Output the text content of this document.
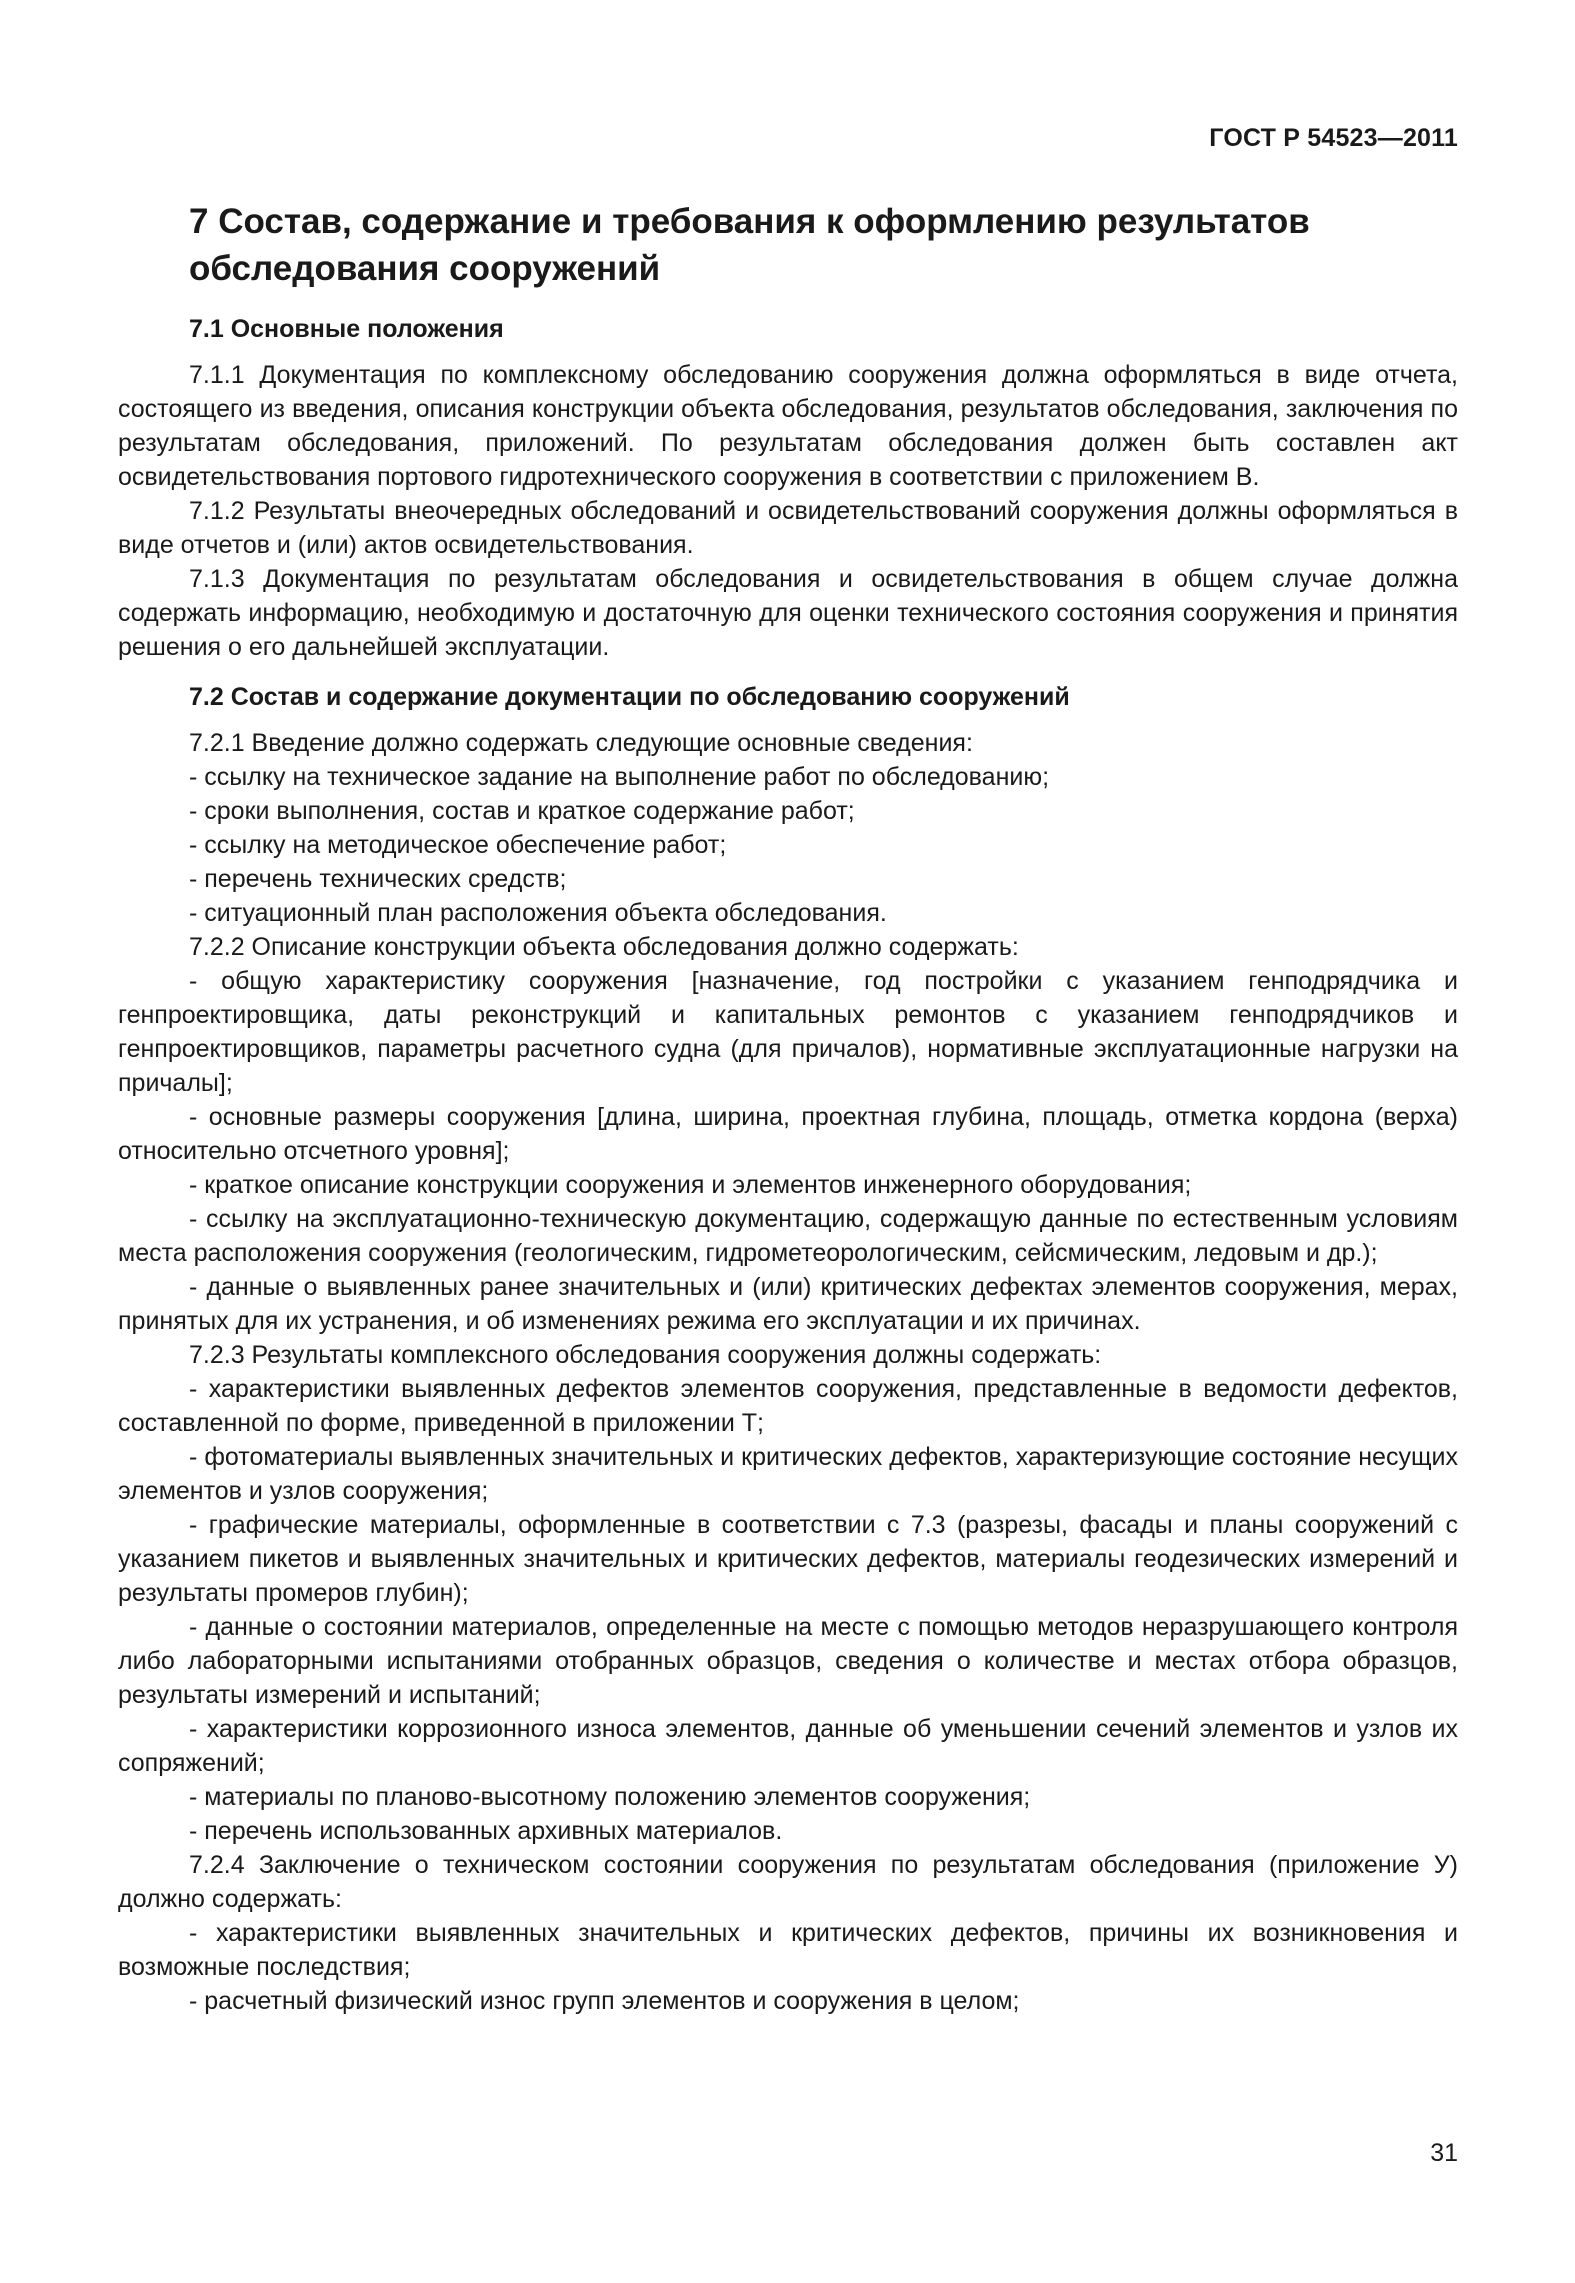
ГОСТ Р 54523—2011
7 Состав, содержание и требования к оформлению результатов
обследования сооружений
7.1 Основные положения

7.1.1 Документация по комплексному обследованию сооружения должна оформляться в виде отчета, состоящего из введения, описания конструкции объекта обследования, результатов обследования, заключения по результатам обследования, приложений. По результатам обследования должен быть составлен акт освидетельствования портового гидротехнического сооружения в соответствии с приложением В.

7.1.2 Результаты внеочередных обследований и освидетельствований сооружения должны оформляться в виде отчетов и (или) актов освидетельствования.

7.1.3 Документация по результатам обследования и освидетельствования в общем случае должна содержать информацию, необходимую и достаточную для оценки технического состояния сооружения и принятия решения о его дальнейшей эксплуатации.

7.2 Состав и содержание документации по обследованию сооружений

7.2.1 Введение должно содержать следующие основные сведения:

- ссылку на техническое задание на выполнение работ по обследованию;

- сроки выполнения, состав и краткое содержание работ;

- ссылку на методическое обеспечение работ;

- перечень технических средств;

- ситуационный план расположения объекта обследования.

7.2.2 Описание конструкции объекта обследования должно содержать:

- общую характеристику сооружения [назначение, год постройки с указанием генподрядчика и генпроектировщика, даты реконструкций и капитальных ремонтов с указанием генподрядчиков и генпроектировщиков, параметры расчетного судна (для причалов), нормативные эксплуатационные нагрузки на причалы];

- основные размеры сооружения [длина, ширина, проектная глубина, площадь, отметка кордона (верха) относительно отсчетного уровня];

- краткое описание конструкции сооружения и элементов инженерного оборудования;

- ссылку на эксплуатационно-техническую документацию, содержащую данные по естественным условиям места расположения сооружения (геологическим, гидрометеорологическим, сейсмическим, ледовым и др.);

- данные о выявленных ранее значительных и (или) критических дефектах элементов сооружения, мерах, принятых для их устранения, и об изменениях режима его эксплуатации и их причинах.

7.2.3 Результаты комплексного обследования сооружения должны содержать:

- характеристики выявленных дефектов элементов сооружения, представленные в ведомости дефектов, составленной по форме, приведенной в приложении Т;

- фотоматериалы выявленных значительных и критических дефектов, характеризующие состояние несущих элементов и узлов сооружения;

- графические материалы, оформленные в соответствии с 7.3 (разрезы, фасады и планы сооружений с указанием пикетов и выявленных значительных и критических дефектов, материалы геодезических измерений и результаты промеров глубин);

- данные о состоянии материалов, определенные на месте с помощью методов неразрушающего контроля либо лабораторными испытаниями отобранных образцов, сведения о количестве и местах отбора образцов, результаты измерений и испытаний;

- характеристики коррозионного износа элементов, данные об уменьшении сечений элементов и узлов их сопряжений;

- материалы по планово-высотному положению элементов сооружения;

- перечень использованных архивных материалов.

7.2.4 Заключение о техническом состоянии сооружения по результатам обследования (приложение У) должно содержать:

- характеристики выявленных значительных и критических дефектов, причины их возникновения и возможные последствия;

- расчетный физический износ групп элементов и сооружения в целом;

31
